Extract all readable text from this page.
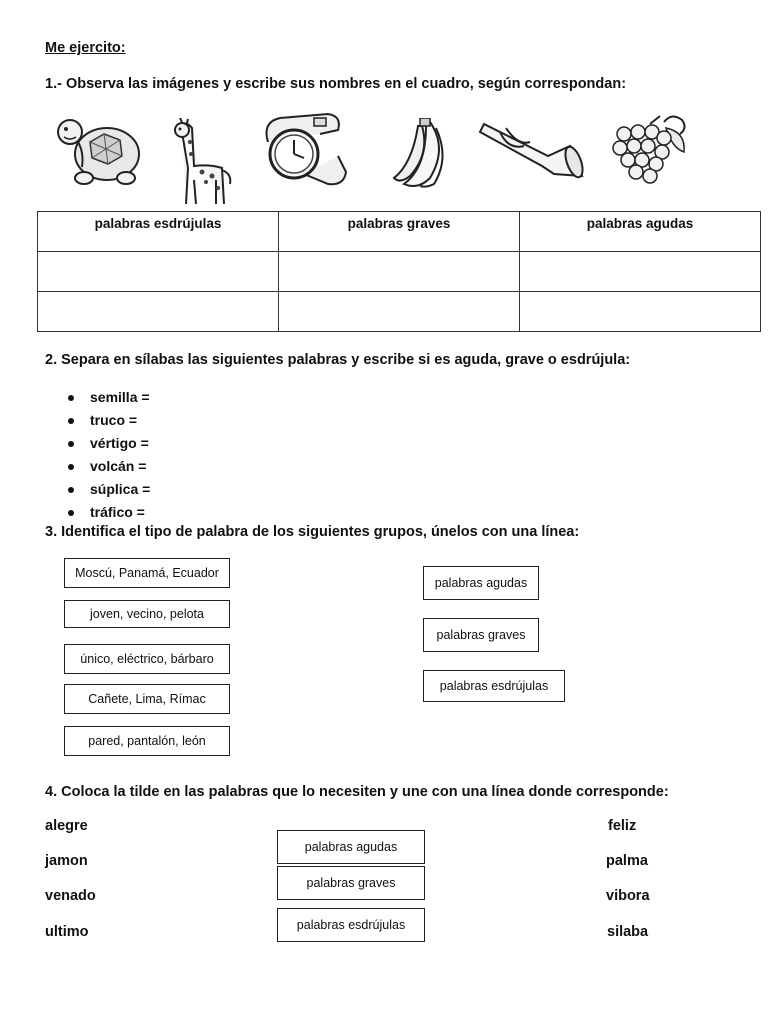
Me ejercito:
1.- Observa las imágenes y escribe sus nombres en el cuadro, según correspondan:
palabras esdrújulas	palabras graves	palabras agudas

2. Separa en sílabas las siguientes palabras y escribe si es aguda, grave o esdrújula:
semilla =
truco =
vértigo =
volcán =
súplica =
tráfico =
3. Identifica el tipo de palabra de los siguientes grupos, únelos con una línea:
Moscú, Panamá, Ecuador
joven, vecino, pelota
único, eléctrico, bárbaro
Cañete, Lima, Rímac
pared, pantalón, león
palabras agudas
palabras graves
palabras esdrújulas
4. Coloca la tilde en las palabras que lo necesiten y une con una línea donde corresponde:
alegre
jamon
venado
ultimo
palabras agudas
palabras graves
palabras esdrújulas
feliz
palma
vibora
silaba
